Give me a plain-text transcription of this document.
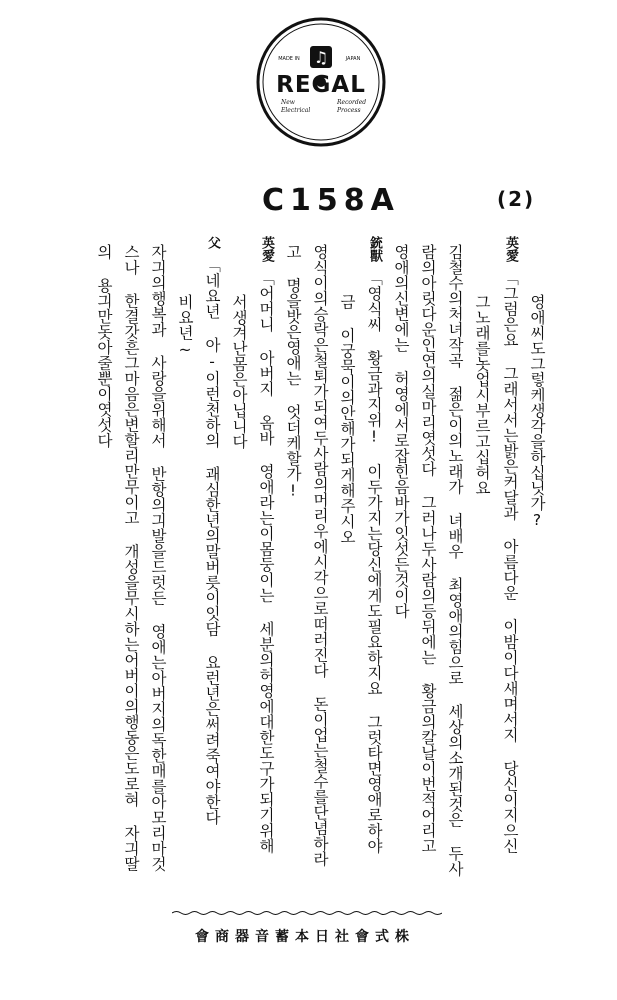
♫
MADE IN	JAPAN
REGAL
New
Electrical
Recorded
Process
C158A	(2)
영애씨도그렇케생각을하십닛가?
英愛
「그럼은요 그래서서는밝은커달과 아름다운 이밤이다새며서지 당신이지으신
그노래를놋업시부르고십허요
김철수의처녀작곡 젊은이의노래가 녀배우 최영애의힘으로 세상의소개된것은 두사
람의아릿다운인연의실마리엿섯다 그러나두사람의등뒤에는 황금의칼날이번적어리고
영애의신변에는 허영에서로잡힌음바가잇섯든것이다
銃獸
「영식씨 황금과지위! 이두가지는당신에게도필요하지요 그럿타면영애로하야
금 이궁묵이의안해가되게해주시오
영식이의승락은철퇴가되여두사람의머리우에시각으로떠러진다 돈이업는철수를단념하라
고 명을밧은영애는 엇더케할가!
英愛
「어머니 아버지 옴바 영애라는이몸둥이는 세분의허영에대한도구가되기위해
서생겨난몸은아닙니다
父
「네요년 아-이런천하의 괘심한년의말버릇이잇담 요런년은써려죽여야한다
비요년~
자긔의행복과 사랑을위해서 반항의긔발을드럿든 영애는아버지의독한매를아모리마것
스나 한결갓흔그마음은변할리만무이고 개성을무시하는어버이의행동은도로혀 자긔딸
의 용긔만돗아줄뿐이엿섯다
會商器音蓄本日社會式株
